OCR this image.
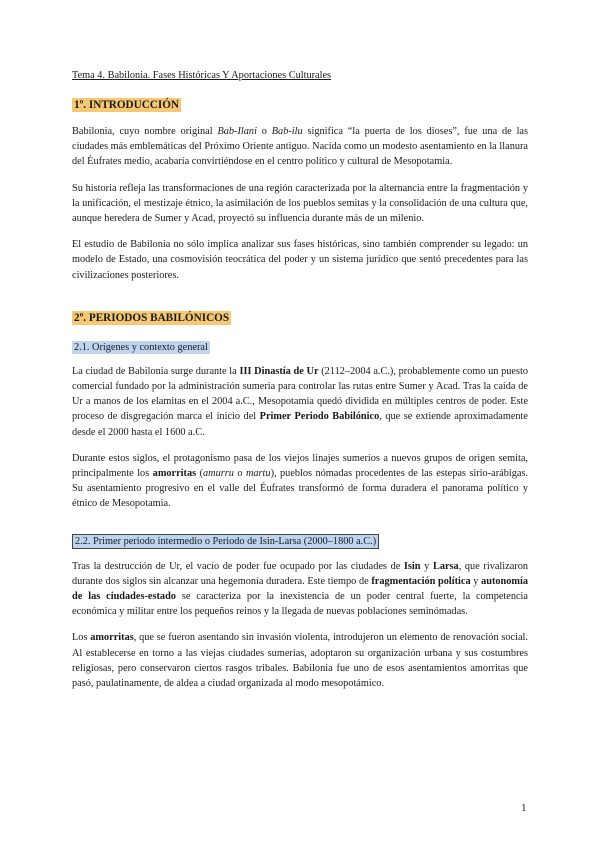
Tema 4. Babilonia. Fases Históricas Y Aportaciones Culturales
1º. INTRODUCCIÓN

Babilonia, cuyo nombre original Bab-Ilani o Bab-ilu significa “la puerta de los dioses”, fue una de las ciudades más emblemáticas del Próximo Oriente antiguo. Nacida como un modesto asentamiento en la llanura del Éufrates medio, acabaría convirtiéndose en el centro político y cultural de Mesopotamia.

Su historia refleja las transformaciones de una región caracterizada por la alternancia entre la fragmentación y la unificación, el mestizaje étnico, la asimilación de los pueblos semitas y la consolidación de una cultura que, aunque heredera de Sumer y Acad, proyectó su influencia durante más de un milenio.

El estudio de Babilonia no sólo implica analizar sus fases históricas, sino también comprender su legado: un modelo de Estado, una cosmovisión teocrática del poder y un sistema jurídico que sentó precedentes para las civilizaciones posteriores.

2º. PERIODOS BABILÓNICOS
2.1. Orígenes y contexto general

La ciudad de Babilonia surge durante la III Dinastía de Ur (2112–2004 a.C.), probablemente como un puesto comercial fundado por la administración sumeria para controlar las rutas entre Sumer y Acad. Tras la caída de Ur a manos de los elamitas en el 2004 a.C., Mesopotamia quedó dividida en múltiples centros de poder. Este proceso de disgregación marca el inicio del Primer Periodo Babilónico, que se extiende aproximadamente desde el 2000 hasta el 1600 a.C.

Durante estos siglos, el protagonismo pasa de los viejos linajes sumerios a nuevos grupos de origen semita, principalmente los amorritas (amurru o martu), pueblos nómadas procedentes de las estepas sirio-arábigas. Su asentamiento progresivo en el valle del Éufrates transformó de forma duradera el panorama político y étnico de Mesopotamia.

2.2. Primer periodo intermedio o Periodo de Isin-Larsa (2000–1800 a.C.)

Tras la destrucción de Ur, el vacío de poder fue ocupado por las ciudades de Isin y Larsa, que rivalizaron durante dos siglos sin alcanzar una hegemonía duradera. Este tiempo de fragmentación política y autonomía de las ciudades-estado se caracteriza por la inexistencia de un poder central fuerte, la competencia económica y militar entre los pequeños reinos y la llegada de nuevas poblaciones seminómadas.

Los amorritas, que se fueron asentando sin invasión violenta, introdujeron un elemento de renovación social. Al establecerse en torno a las viejas ciudades sumerias, adoptaron su organización urbana y sus costumbres religiosas, pero conservaron ciertos rasgos tribales. Babilonia fue uno de esos asentamientos amorritas que pasó, paulatinamente, de aldea a ciudad organizada al modo mesopotámico.

1
